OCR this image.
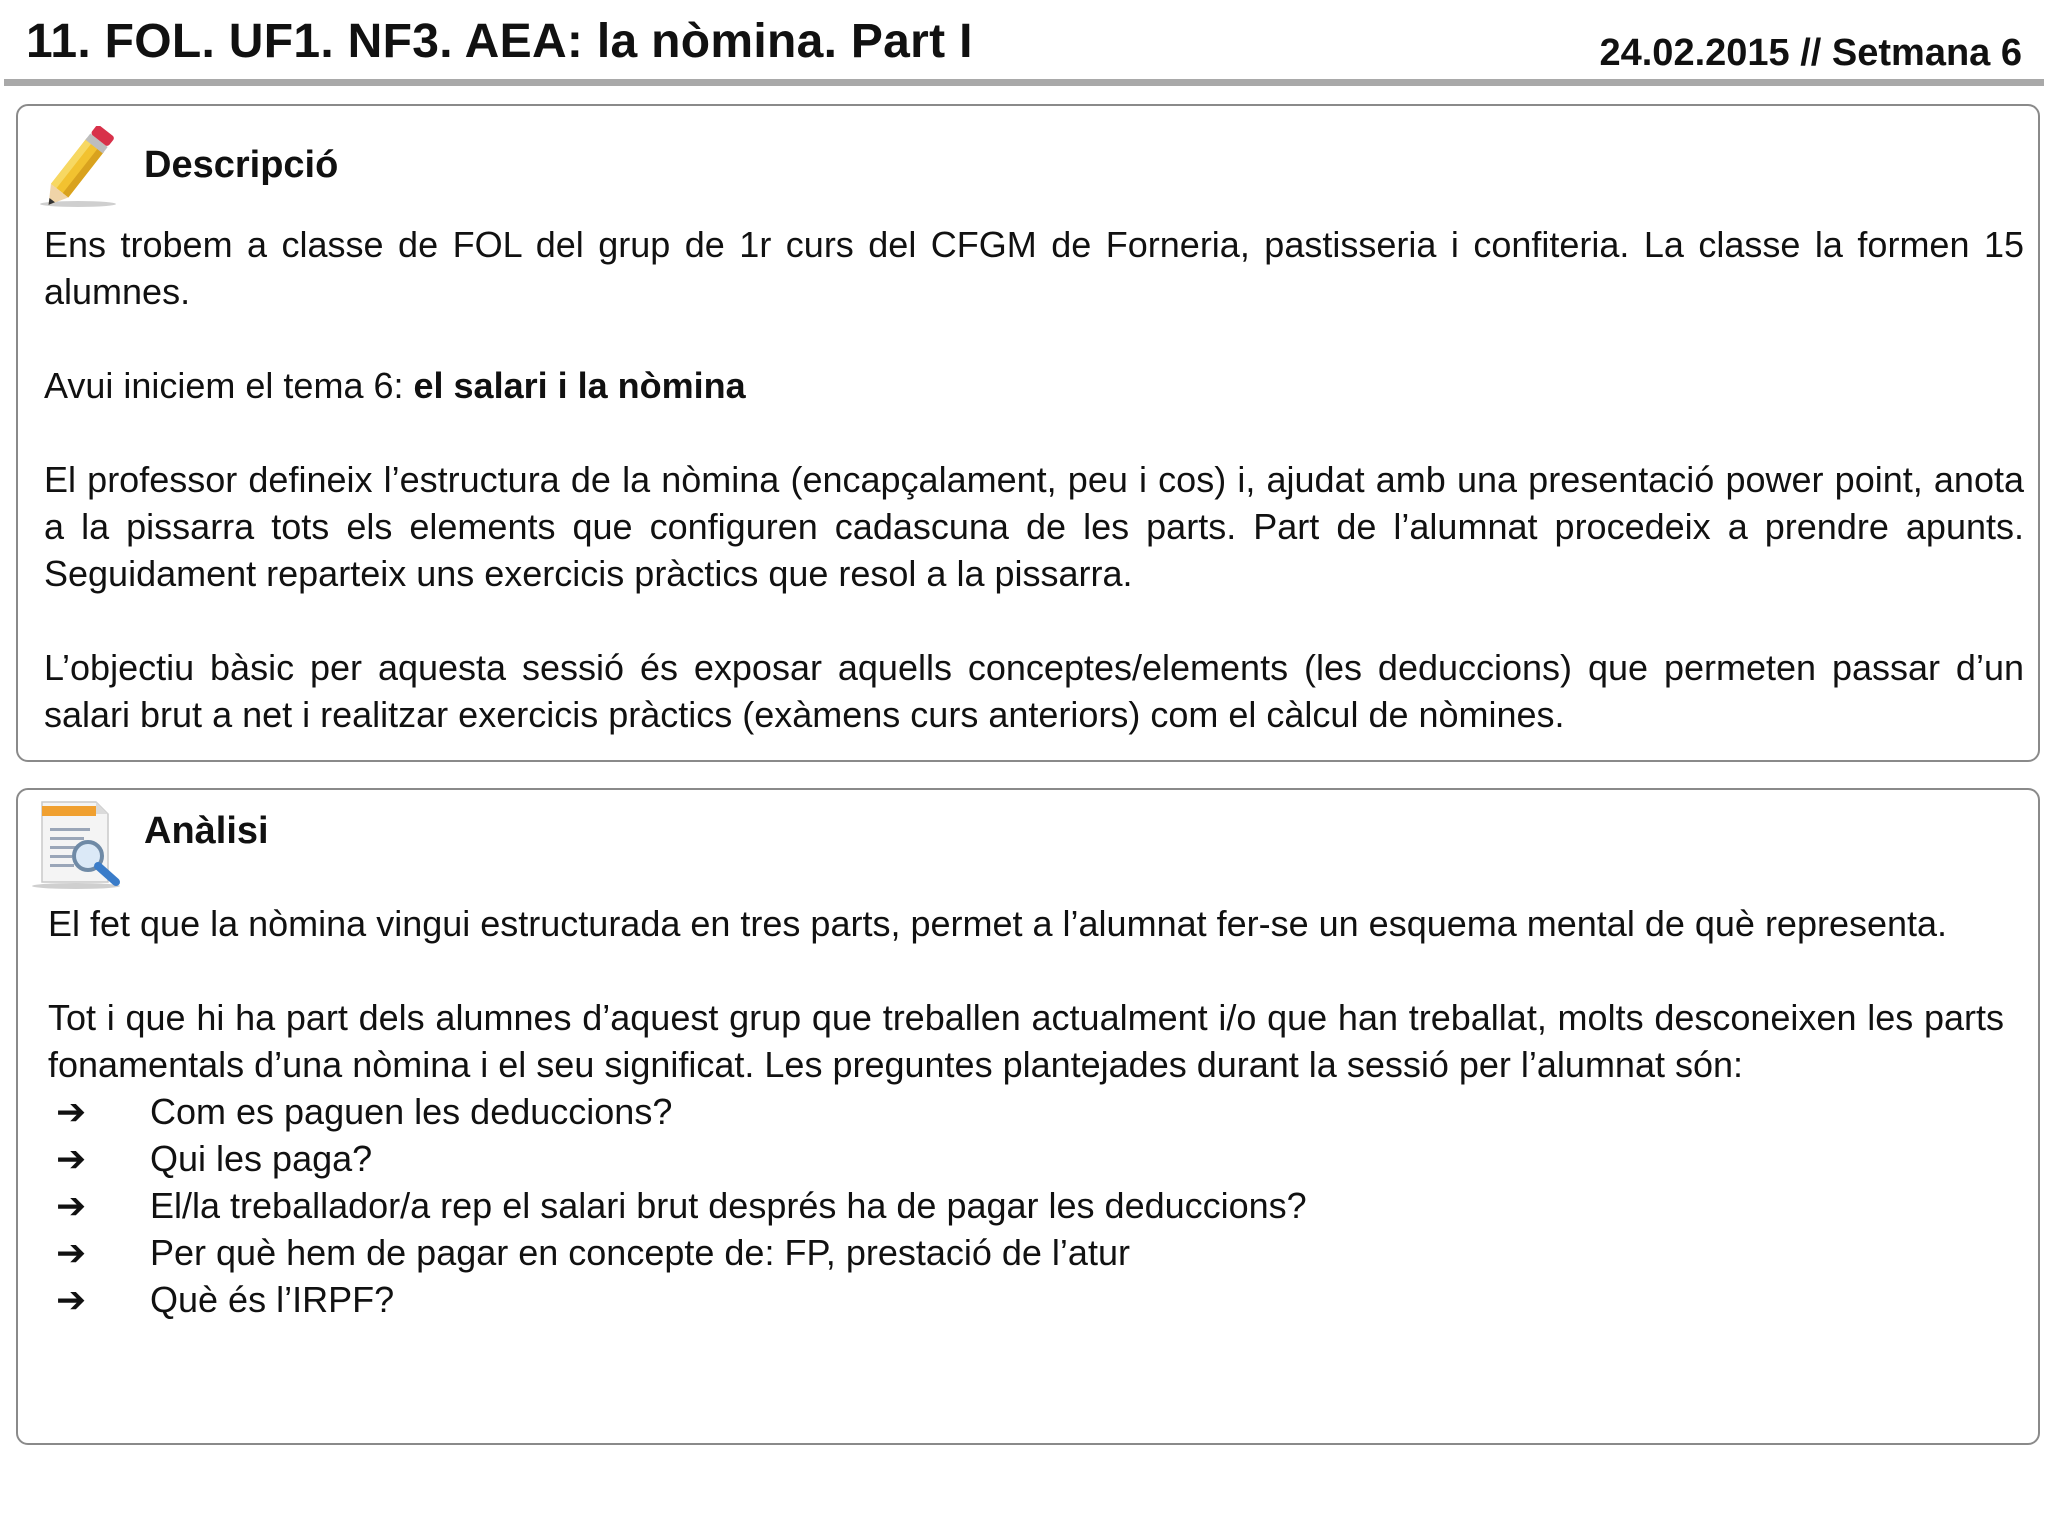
11. FOL. UF1. NF3. AEA: la nòmina. Part I	24.02.2015 // Setmana 6
Descripció

Ens trobem a classe de FOL del grup de 1r curs del CFGM de Forneria, pastisseria i confiteria. La classe la formen 15 alumnes.

Avui iniciem el tema 6: el salari i la nòmina

El professor defineix l’estructura de la nòmina (encapçalament, peu i cos) i, ajudat amb una presentació power point, anota a la pissarra tots els elements que configuren cadascuna de les parts. Part de l’alumnat procedeix a prendre apunts. Seguidament reparteix uns exercicis pràctics que resol a la pissarra.

L’objectiu bàsic per aquesta sessió és exposar aquells conceptes/elements (les deduccions) que permeten passar d’un salari brut a net i realitzar exercicis pràctics (exàmens curs anteriors) com el càlcul de nòmines.

Anàlisi

El fet que la nòmina vingui estructurada en tres parts, permet a l’alumnat fer-se un esquema mental de què representa.

Tot i que hi ha part dels alumnes d’aquest grup que treballen actualment i/o que han treballat, molts desconeixen les parts fonamentals d’una nòmina i el seu significat. Les preguntes plantejades durant la sessió per l’alumnat són:

➔ Com es paguen les deduccions?
➔ Qui les paga?
➔ El/la treballador/a rep el salari brut després ha de pagar les deduccions?
➔ Per què hem de pagar en concepte de: FP, prestació de l’atur
➔ Què és l’IRPF?
